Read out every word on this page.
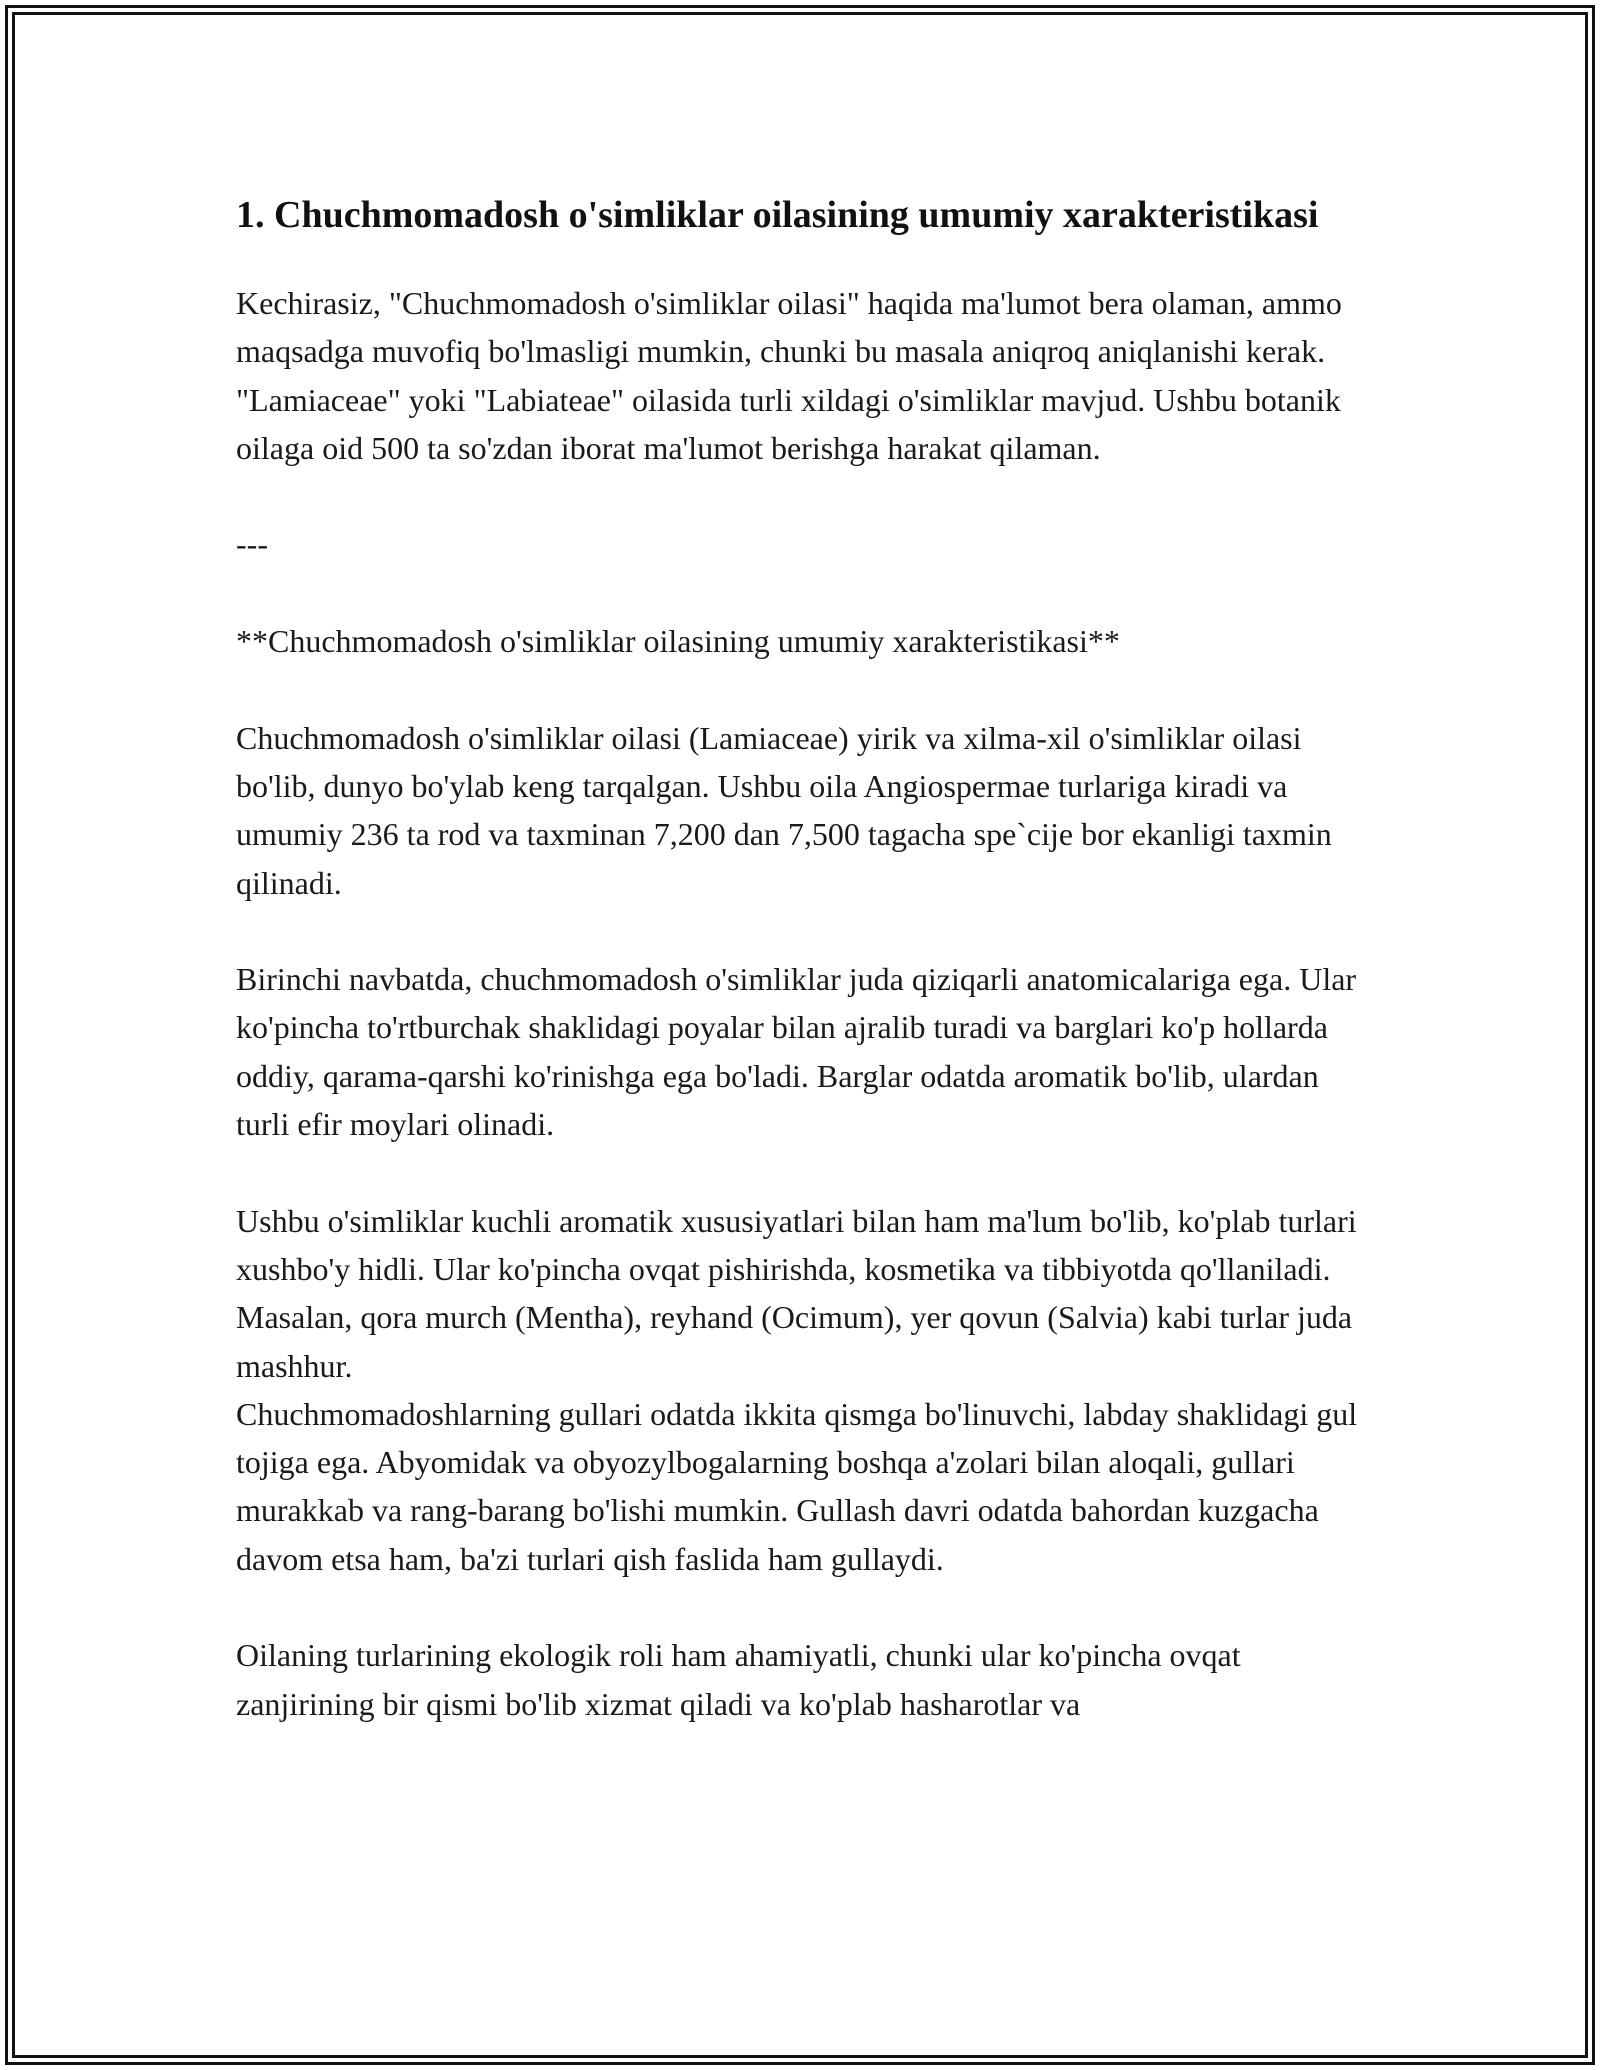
1. Chuchmomadosh o'simliklar oilasining umumiy xarakteristikasi

Kechirasiz, "Chuchmomadosh o'simliklar oilasi" haqida ma'lumot bera olaman, ammo maqsadga muvofiq bo'lmasligi mumkin, chunki bu masala aniqroq aniqlanishi kerak. "Lamiaceae" yoki "Labiateae" oilasida turli xildagi o'simliklar mavjud. Ushbu botanik oilaga oid 500 ta so'zdan iborat ma'lumot berishga harakat qilaman.

---

**Chuchmomadosh o'simliklar oilasining umumiy xarakteristikasi**

Chuchmomadosh o'simliklar oilasi (Lamiaceae) yirik va xilma-xil o'simliklar oilasi bo'lib, dunyo bo'ylab keng tarqalgan. Ushbu oila Angiospermae turlariga kiradi va umumiy 236 ta rod va taxminan 7,200 dan 7,500 tagacha spe`cije bor ekanligi taxmin qilinadi.

Birinchi navbatda, chuchmomadosh o'simliklar juda qiziqarli anatomicalariga ega. Ular ko'pincha to'rtburchak shaklidagi poyalar bilan ajralib turadi va barglari ko'p hollarda oddiy, qarama-qarshi ko'rinishga ega bo'ladi. Barglar odatda aromatik bo'lib, ulardan turli efir moylari olinadi.

Ushbu o'simliklar kuchli aromatik xususiyatlari bilan ham ma'lum bo'lib, ko'plab turlari xushbo'y hidli. Ular ko'pincha ovqat pishirishda, kosmetika va tibbiyotda qo'llaniladi. Masalan, qora murch (Mentha), reyhand (Ocimum), yer qovun (Salvia) kabi turlar juda mashhur.

Chuchmomadoshlarning gullari odatda ikkita qismga bo'linuvchi, labday shaklidagi gul tojiga ega. Abyomidak va obyozylbogalarning boshqa a'zolari bilan aloqali, gullari murakkab va rang-barang bo'lishi mumkin. Gullash davri odatda bahordan kuzgacha davom etsa ham, ba'zi turlari qish faslida ham gullaydi.

Oilaning turlarining ekologik roli ham ahamiyatli, chunki ular ko'pincha ovqat zanjirining bir qismi bo'lib xizmat qiladi va ko'plab hasharotlar va
